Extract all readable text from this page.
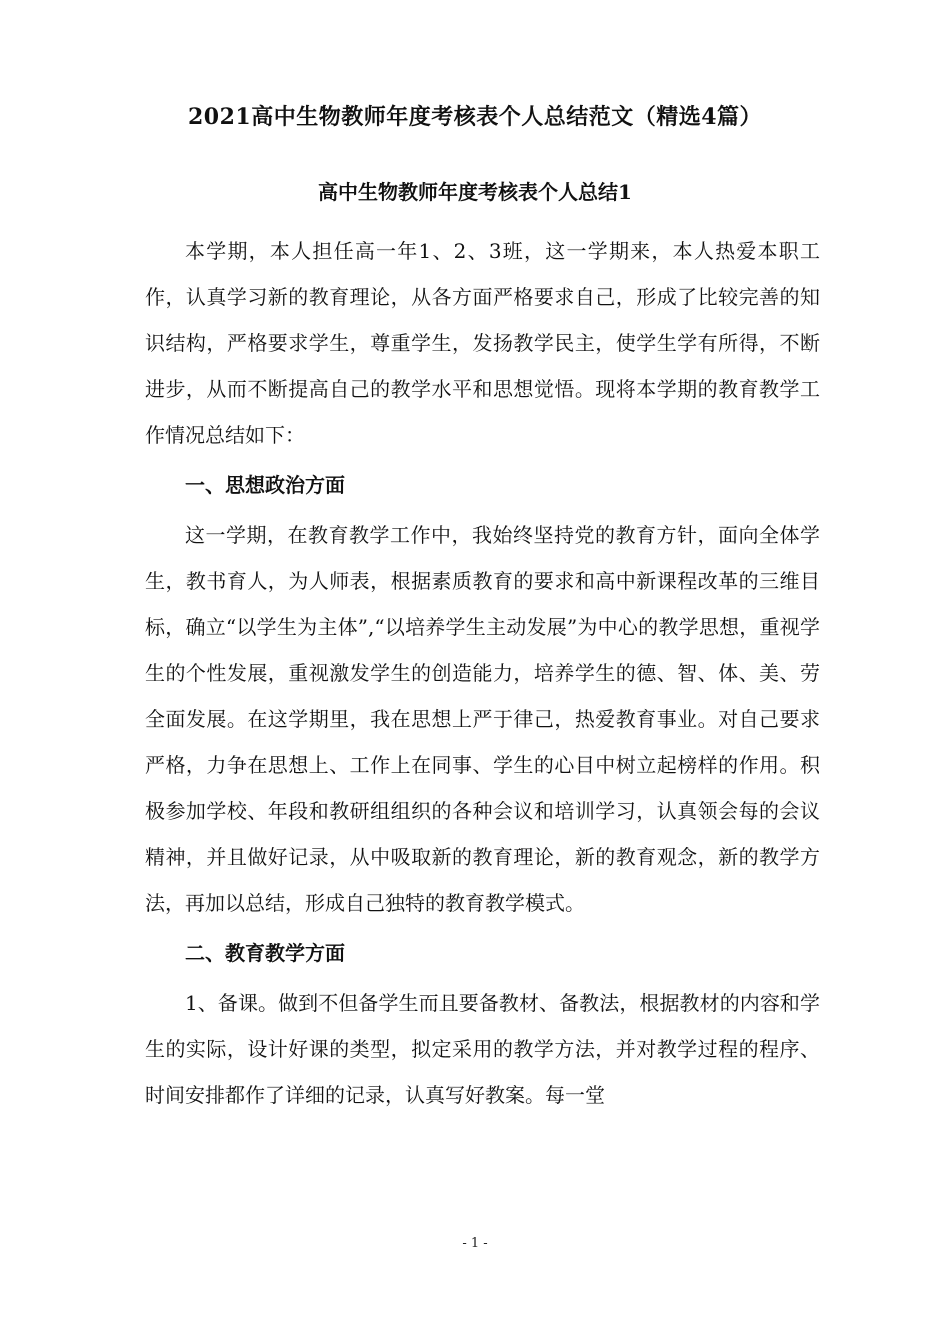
2021高中生物教师年度考核表个人总结范文（精选4篇）
高中生物教师年度考核表个人总结1

本学期，本人担任高一年1、2、3班，这一学期来，本人热爱本职工作，认真学习新的教育理论，从各方面严格要求自己，形成了比较完善的知识结构，严格要求学生，尊重学生，发扬教学民主，使学生学有所得，不断进步，从而不断提高自己的教学水平和思想觉悟。现将本学期的教育教学工作情况总结如下：

一、思想政治方面

这一学期，在教育教学工作中，我始终坚持党的教育方针，面向全体学生，教书育人，为人师表，根据素质教育的要求和高中新课程改革的三维目标，确立“以学生为主体”,“以培养学生主动发展”为中心的教学思想，重视学生的个性发展，重视激发学生的创造能力，培养学生的德、智、体、美、劳全面发展。在这学期里，我在思想上严于律己，热爱教育事业。对自己要求严格，力争在思想上、工作上在同事、学生的心目中树立起榜样的作用。积极参加学校、年段和教研组组织的各种会议和培训学习，认真领会每的会议精神，并且做好记录，从中吸取新的教育理论，新的教育观念，新的教学方法，再加以总结，形成自己独特的教育教学模式。

二、教育教学方面

1、备课。做到不但备学生而且要备教材、备教法，根据教材的内容和学生的实际，设计好课的类型，拟定采用的教学方法，并对教学过程的程序、时间安排都作了详细的记录，认真写好教案。每一堂

- 1 -
